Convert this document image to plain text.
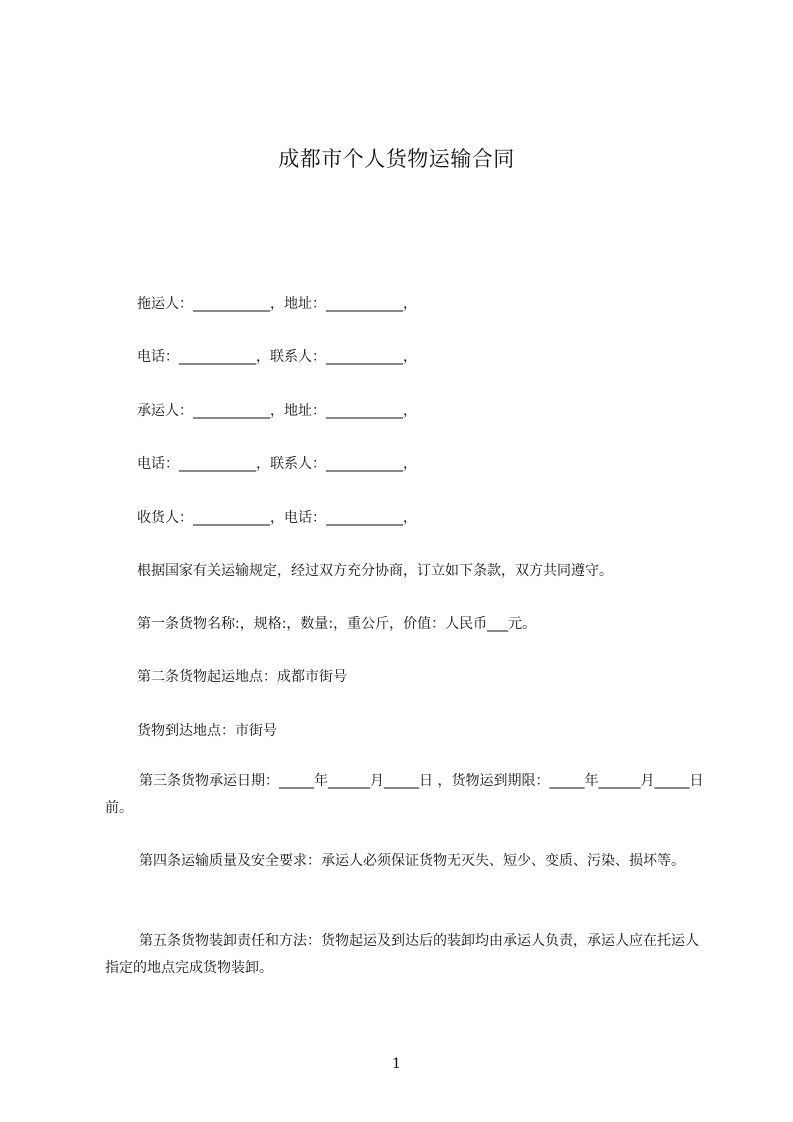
成都市个人货物运输合同

拖运人：___________，地址：___________，

电话：___________，联系人：___________，

承运人：___________，地址：___________，

电话：___________，联系人：___________，

收货人：___________，电话：___________，

根据国家有关运输规定，经过双方充分协商，订立如下条款，双方共同遵守。

第一条货物名称:，规格:，数量:，重公斤，价值：人民币___元。

第二条货物起运地点：成都市街号

货物到达地点：市街号

第三条货物承运日期：_____年______月_____日 ，货物运到期限：_____年______月_____日 前。

第四条运输质量及安全要求：承运人必须保证货物无灭失、短少、变质、污染、损坏等。

第五条货物装卸责任和方法：货物起运及到达后的装卸均由承运人负责，承运人应在托运人指定的地点完成货物装卸。

1
